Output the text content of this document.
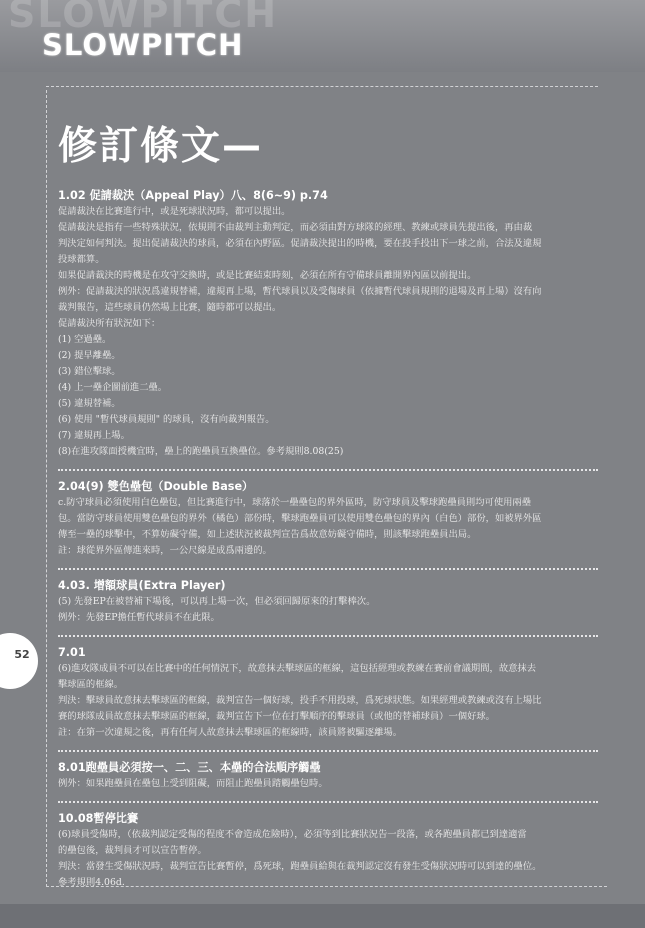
SLOWPITCH
SLOWPITCH
修訂條文—
1.02 促請裁決（Appeal Play）八、8(6~9) p.74
促請裁決在比賽進行中，或是死球狀況時，都可以提出。
促請裁決是指有一些特殊狀況，依規則不由裁判主動判定，而必須由對方球隊的經理、教練或球員先提出後，再由裁
判決定如何判決。提出促請裁決的球員，必須在內野區。促請裁決提出的時機，要在投手投出下一球之前，合法及違規
投球都算。
如果促請裁決的時機是在攻守交換時，或是比賽結束時刻，必須在所有守備球員離開界內區以前提出。
例外：促請裁決的狀況爲違規替補，違規再上場，暫代球員以及受傷球員（依據暫代球員規則的退場及再上場）沒有向
裁判報告，這些球員仍然場上比賽，隨時都可以提出。
促請裁決所有狀況如下：
(1) 空過壘。
(2) 提早離壘。
(3) 錯位擊球。
(4) 上一壘企圖前進二壘。
(5) 違規替補。
(6) 使用 "暫代球員規則" 的球員，沒有向裁判報告。
(7) 違規再上場。
(8)在進攻隊面授機宜時，壘上的跑壘員互換壘位。參考規則8.08(25)
2.04(9) 雙色壘包（Double Base）
c.防守球員必須使用白色壘包，但比賽進行中，球落於一壘壘包的界外區時，防守球員及擊球跑壘員則均可使用兩壘
包。當防守球員使用雙色壘包的界外（橘色）部份時，擊球跑壘員可以使用雙色壘包的界內（白色）部份，如被界外區
傳至一壘的球擊中，不算妨礙守備，如上述狀況被裁判宣告爲故意妨礙守備時，則該擊球跑壘員出局。
註：球從界外區傳進來時，一公尺線是成爲兩邊的。
4.03. 增額球員(Extra Player)
(5) 先發EP在被替補下場後，可以再上場一次，但必須回歸原來的打擊棒次。
例外：先發EP擔任暫代球員不在此限。
7.01
(6)進攻隊成員不可以在比賽中的任何情況下，故意抹去擊球區的框線，這包括經理或教練在賽前會議期間，故意抹去
擊球區的框線。
判決：擊球員故意抹去擊球區的框線，裁判宣告一個好球，投手不用投球，爲死球狀態。如果經理或教練或沒有上場比
賽的球隊成員故意抹去擊球區的框線，裁判宣告下一位在打擊順序的擊球員（或他的替補球員）一個好球。
註：在第一次違規之後，再有任何人故意抹去擊球區的框線時，該員將被驅逐離場。
8.01跑壘員必須按一、二、三、本壘的合法順序觸壘
例外：如果跑壘員在壘包上受到阻礙，而阻止跑壘員踏觸壘包時。
10.08暫停比賽
(6)球員受傷時，（依裁判認定受傷的程度不會造成危險時），必須等到比賽狀況告一段落，或各跑壘員都已到達適當
的壘包後，裁判員才可以宣告暫停。
判決：當發生受傷狀況時，裁判宣告比賽暫停，爲死球，跑壘員給與在裁判認定沒有發生受傷狀況時可以到達的壘位。
參考規則4.06d.
52
